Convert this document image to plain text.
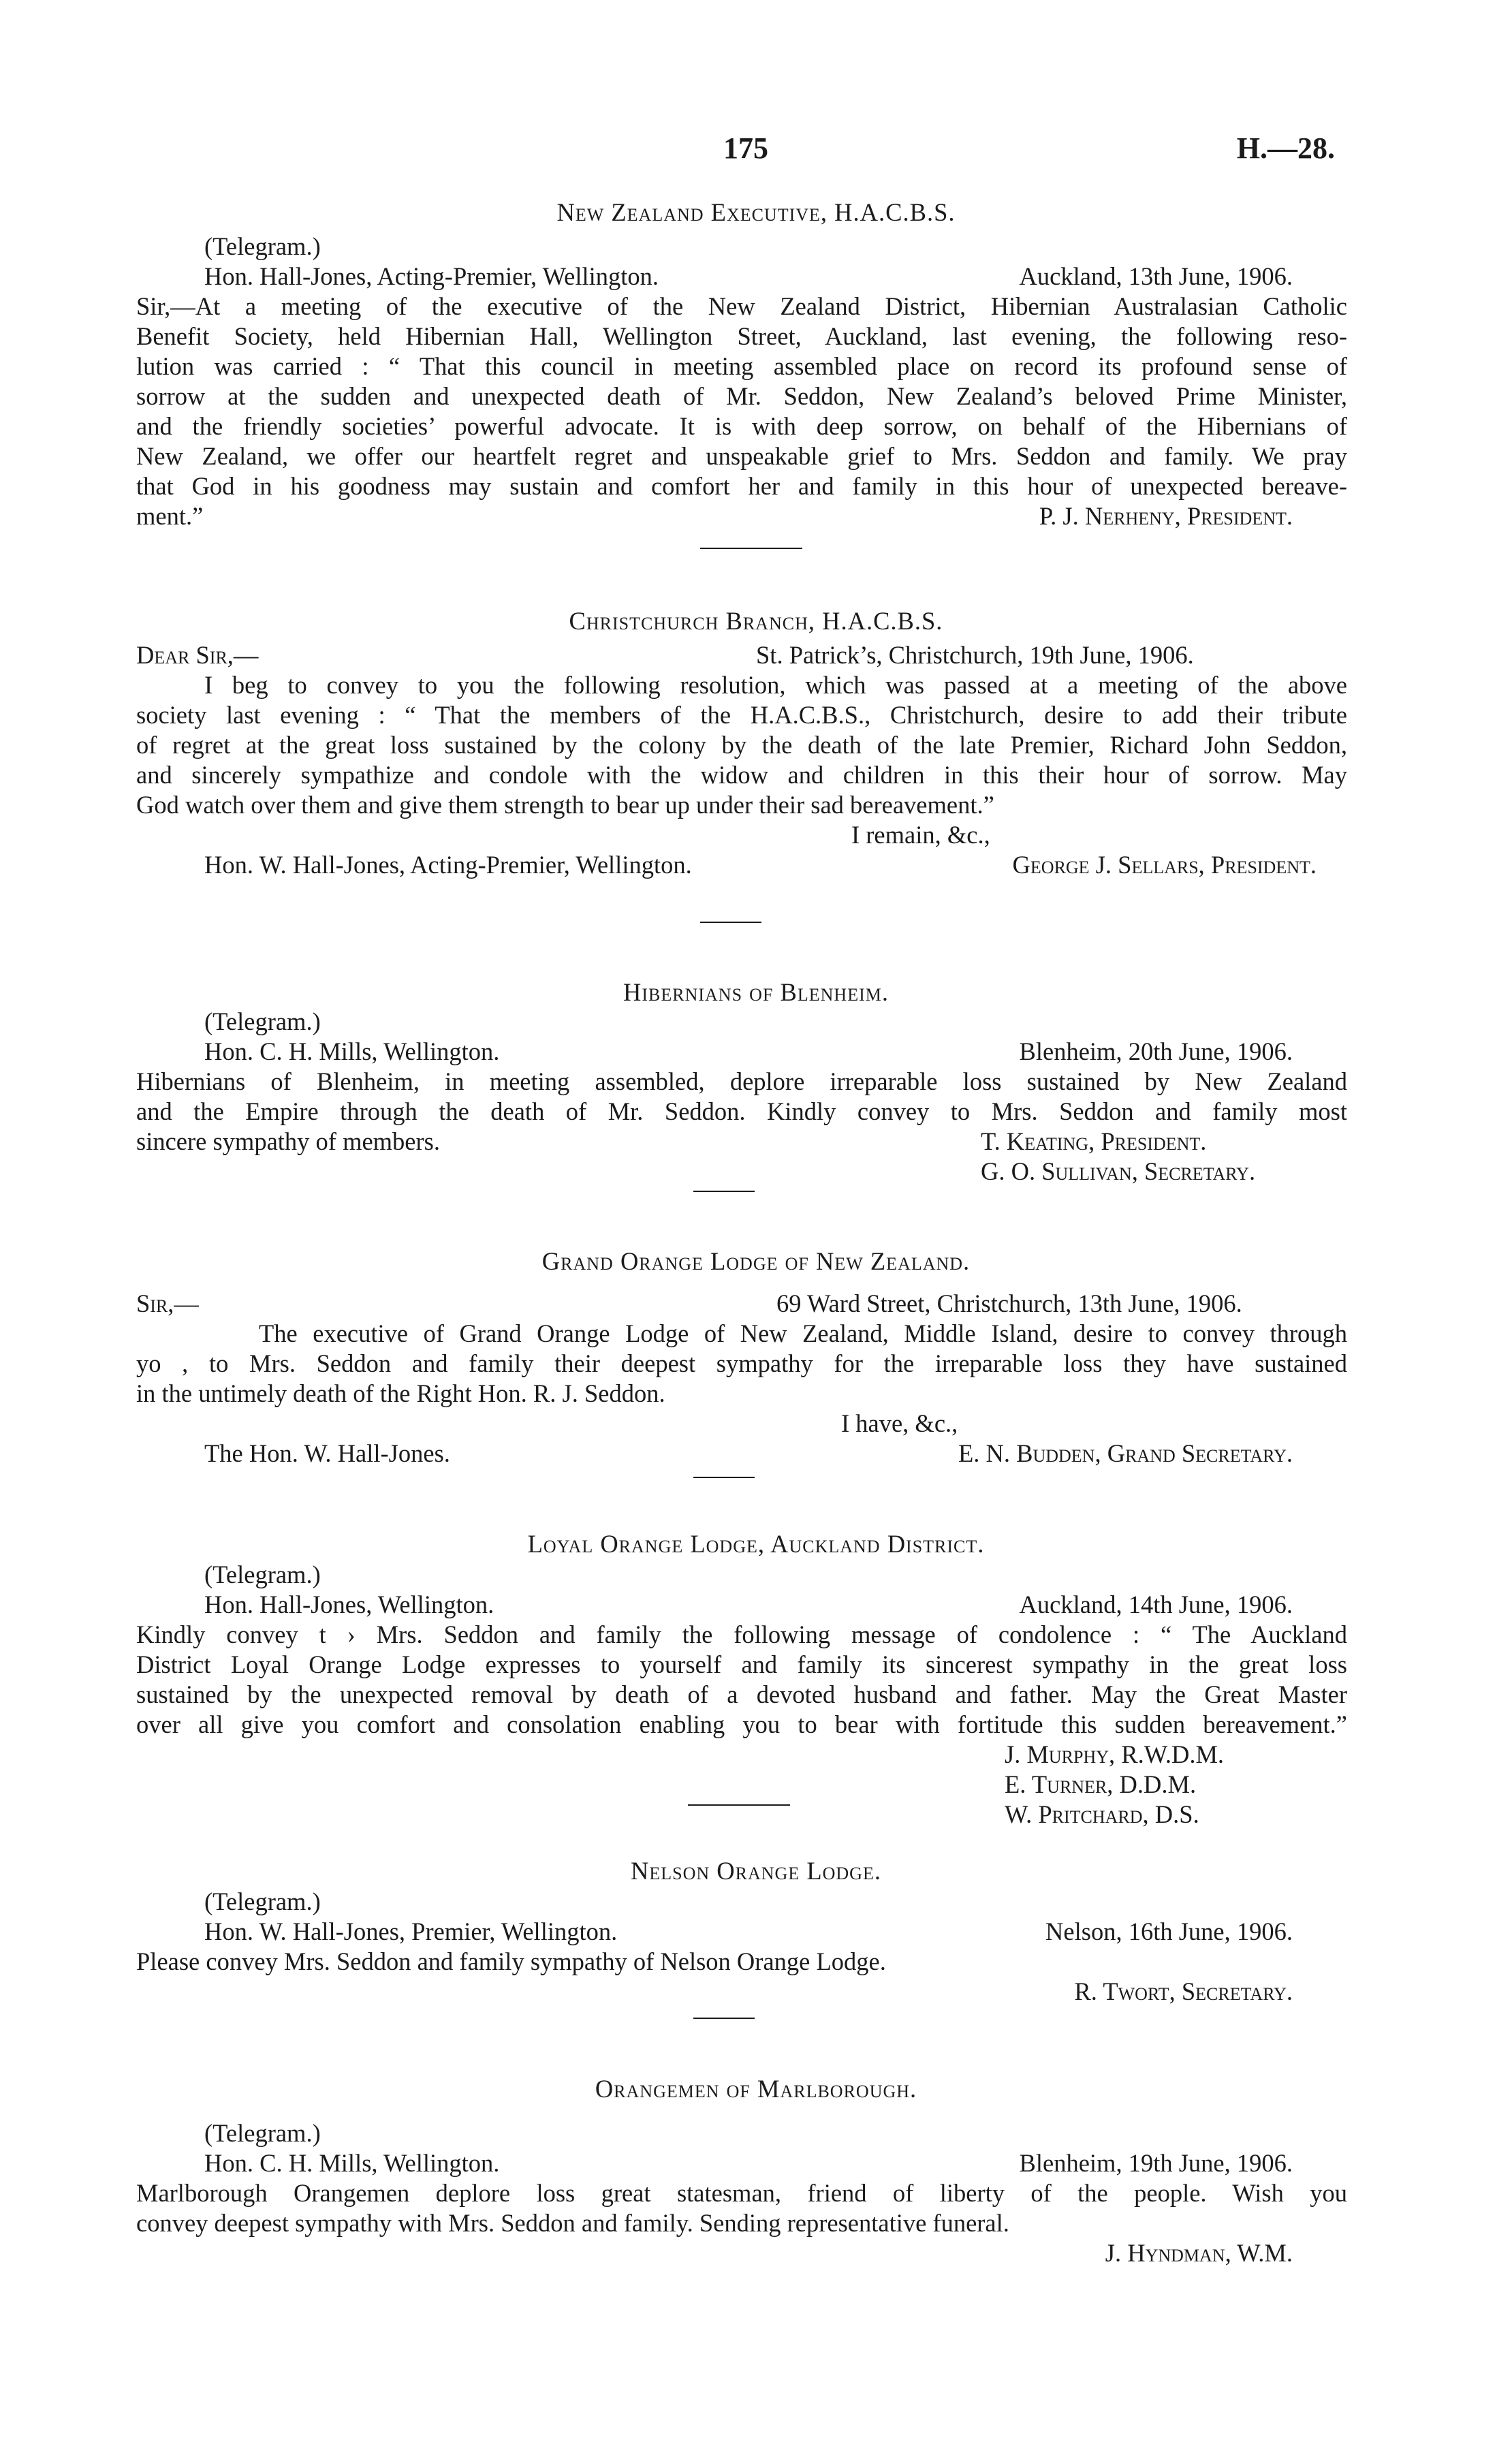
175	H.—28.
New Zealand Executive, H.A.C.B.S.
(Telegram.)
Hon. Hall-Jones, Acting-Premier, Wellington.	Auckland, 13th June, 1906.
Sir,—At a meeting of the executive of the New Zealand District, Hibernian Australasian Catholic
Benefit Society, held Hibernian Hall, Wellington Street, Auckland, last evening, the following reso-
lution was carried : “ That this council in meeting assembled place on record its profound sense of
sorrow at the sudden and unexpected death of Mr. Seddon, New Zealand’s beloved Prime Minister,
and the friendly societies’ powerful advocate. It is with deep sorrow, on behalf of the Hibernians of
New Zealand, we offer our heartfelt regret and unspeakable grief to Mrs. Seddon and family. We pray
that God in his goodness may sustain and comfort her and family in this hour of unexpected bereave-
ment.”	P. J. Nerheny, President.
Christchurch Branch, H.A.C.B.S.
Dear Sir,—	St. Patrick’s, Christchurch, 19th June, 1906.
I beg to convey to you the following resolution, which was passed at a meeting of the above
society last evening : “ That the members of the H.A.C.B.S., Christchurch, desire to add their tribute
of regret at the great loss sustained by the colony by the death of the late Premier, Richard John Seddon,
and sincerely sympathize and condole with the widow and children in this their hour of sorrow. May
God watch over them and give them strength to bear up under their sad bereavement.”
I remain, &c.,
Hon. W. Hall-Jones, Acting-Premier, Wellington.	George J. Sellars, President.
Hibernians of Blenheim.
(Telegram.)
Hon. C. H. Mills, Wellington.	Blenheim, 20th June, 1906.
Hibernians of Blenheim, in meeting assembled, deplore irreparable loss sustained by New Zealand
and the Empire through the death of Mr. Seddon. Kindly convey to Mrs. Seddon and family most
sincere sympathy of members.	T. Keating, President.
G. O. Sullivan, Secretary.
Grand Orange Lodge of New Zealand.
Sir,—	69 Ward Street, Christchurch, 13th June, 1906.
The executive of Grand Orange Lodge of New Zealand, Middle Island, desire to convey through
yo , to Mrs. Seddon and family their deepest sympathy for the irreparable loss they have sustained
in the untimely death of the Right Hon. R. J. Seddon.
I have, &c.,
The Hon. W. Hall-Jones.	E. N. Budden, Grand Secretary.
Loyal Orange Lodge, Auckland District.
(Telegram.)
Hon. Hall-Jones, Wellington.	Auckland, 14th June, 1906.
Kindly convey t › Mrs. Seddon and family the following message of condolence : “ The Auckland
District Loyal Orange Lodge expresses to yourself and family its sincerest sympathy in the great loss
sustained by the unexpected removal by death of a devoted husband and father. May the Great Master
over all give you comfort and consolation enabling you to bear with fortitude this sudden bereavement.”
J. Murphy, R.W.D.M.
E. Turner, D.D.M.
W. Pritchard, D.S.
Nelson Orange Lodge.
(Telegram.)
Hon. W. Hall-Jones, Premier, Wellington.	Nelson, 16th June, 1906.
Please convey Mrs. Seddon and family sympathy of Nelson Orange Lodge.
R. Twort, Secretary.
Orangemen of Marlborough.
(Telegram.)
Hon. C. H. Mills, Wellington.	Blenheim, 19th June, 1906.
Marlborough Orangemen deplore loss great statesman, friend of liberty of the people. Wish you
convey deepest sympathy with Mrs. Seddon and family. Sending representative funeral.
J. Hyndman, W.M.
